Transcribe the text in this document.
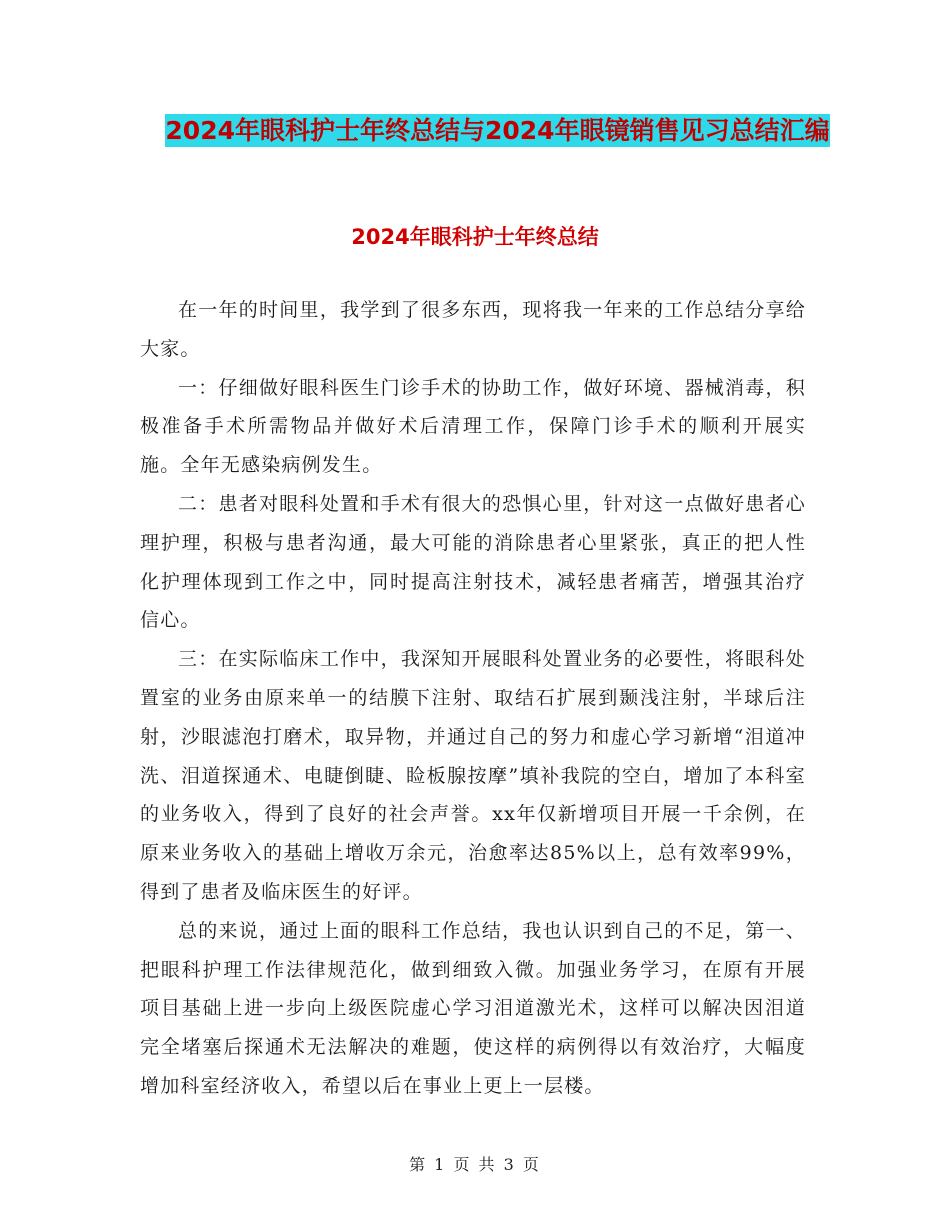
2024年眼科护士年终总结与2024年眼镜销售见习总结汇编
2024年眼科护士年终总结

在一年的时间里，我学到了很多东西，现将我一年来的工作总结分享给大家。

一：仔细做好眼科医生门诊手术的协助工作，做好环境、器械消毒，积极准备手术所需物品并做好术后清理工作，保障门诊手术的顺利开展实施。全年无感染病例发生。

二：患者对眼科处置和手术有很大的恐惧心里，针对这一点做好患者心理护理，积极与患者沟通，最大可能的消除患者心里紧张，真正的把人性化护理体现到工作之中，同时提高注射技术，减轻患者痛苦，增强其治疗信心。

三：在实际临床工作中，我深知开展眼科处置业务的必要性，将眼科处置室的业务由原来单一的结膜下注射、取结石扩展到颞浅注射，半球后注射，沙眼滤泡打磨术，取异物，并通过自己的努力和虚心学习新增“泪道冲洗、泪道探通术、电睫倒睫、睑板腺按摩”填补我院的空白，增加了本科室的业务收入，得到了良好的社会声誉。xx年仅新增项目开展一千余例，在原来业务收入的基础上增收万余元，治愈率达85%以上，总有效率99%，得到了患者及临床医生的好评。

总的来说，通过上面的眼科工作总结，我也认识到自己的不足，第一、把眼科护理工作法律规范化，做到细致入微。加强业务学习，在原有开展项目基础上进一步向上级医院虚心学习泪道激光术，这样可以解决因泪道完全堵塞后探通术无法解决的难题，使这样的病例得以有效治疗，大幅度增加科室经济收入，希望以后在事业上更上一层楼。

第 1 页 共 3 页
